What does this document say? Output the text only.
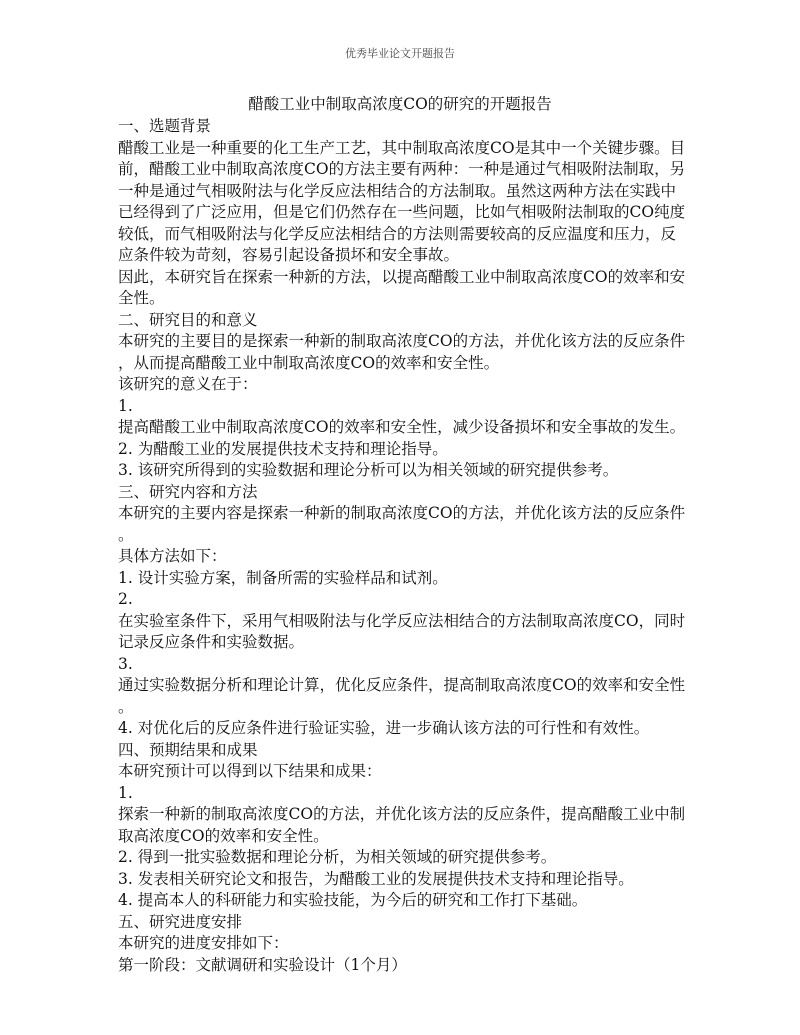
优秀毕业论文开题报告
醋酸工业中制取高浓度CO的研究的开题报告
一、选题背景
醋酸工业是一种重要的化工生产工艺，其中制取高浓度CO是其中一个关键步骤。目
前，醋酸工业中制取高浓度CO的方法主要有两种：一种是通过气相吸附法制取，另
一种是通过气相吸附法与化学反应法相结合的方法制取。虽然这两种方法在实践中
已经得到了广泛应用，但是它们仍然存在一些问题，比如气相吸附法制取的CO纯度
较低，而气相吸附法与化学反应法相结合的方法则需要较高的反应温度和压力，反
应条件较为苛刻，容易引起设备损坏和安全事故。
因此，本研究旨在探索一种新的方法，以提高醋酸工业中制取高浓度CO的效率和安
全性。
二、研究目的和意义
本研究的主要目的是探索一种新的制取高浓度CO的方法，并优化该方法的反应条件
，从而提高醋酸工业中制取高浓度CO的效率和安全性。
该研究的意义在于：
1.
提高醋酸工业中制取高浓度CO的效率和安全性，减少设备损坏和安全事故的发生。
2. 为醋酸工业的发展提供技术支持和理论指导。
3. 该研究所得到的实验数据和理论分析可以为相关领域的研究提供参考。
三、研究内容和方法
本研究的主要内容是探索一种新的制取高浓度CO的方法，并优化该方法的反应条件
。
具体方法如下：
1. 设计实验方案，制备所需的实验样品和试剂。
2.
在实验室条件下，采用气相吸附法与化学反应法相结合的方法制取高浓度CO，同时
记录反应条件和实验数据。
3.
通过实验数据分析和理论计算，优化反应条件，提高制取高浓度CO的效率和安全性
。
4. 对优化后的反应条件进行验证实验，进一步确认该方法的可行性和有效性。
四、预期结果和成果
本研究预计可以得到以下结果和成果：
1.
探索一种新的制取高浓度CO的方法，并优化该方法的反应条件，提高醋酸工业中制
取高浓度CO的效率和安全性。
2. 得到一批实验数据和理论分析，为相关领域的研究提供参考。
3. 发表相关研究论文和报告，为醋酸工业的发展提供技术支持和理论指导。
4. 提高本人的科研能力和实验技能，为今后的研究和工作打下基础。
五、研究进度安排
本研究的进度安排如下：
第一阶段：文献调研和实验设计（1个月）
